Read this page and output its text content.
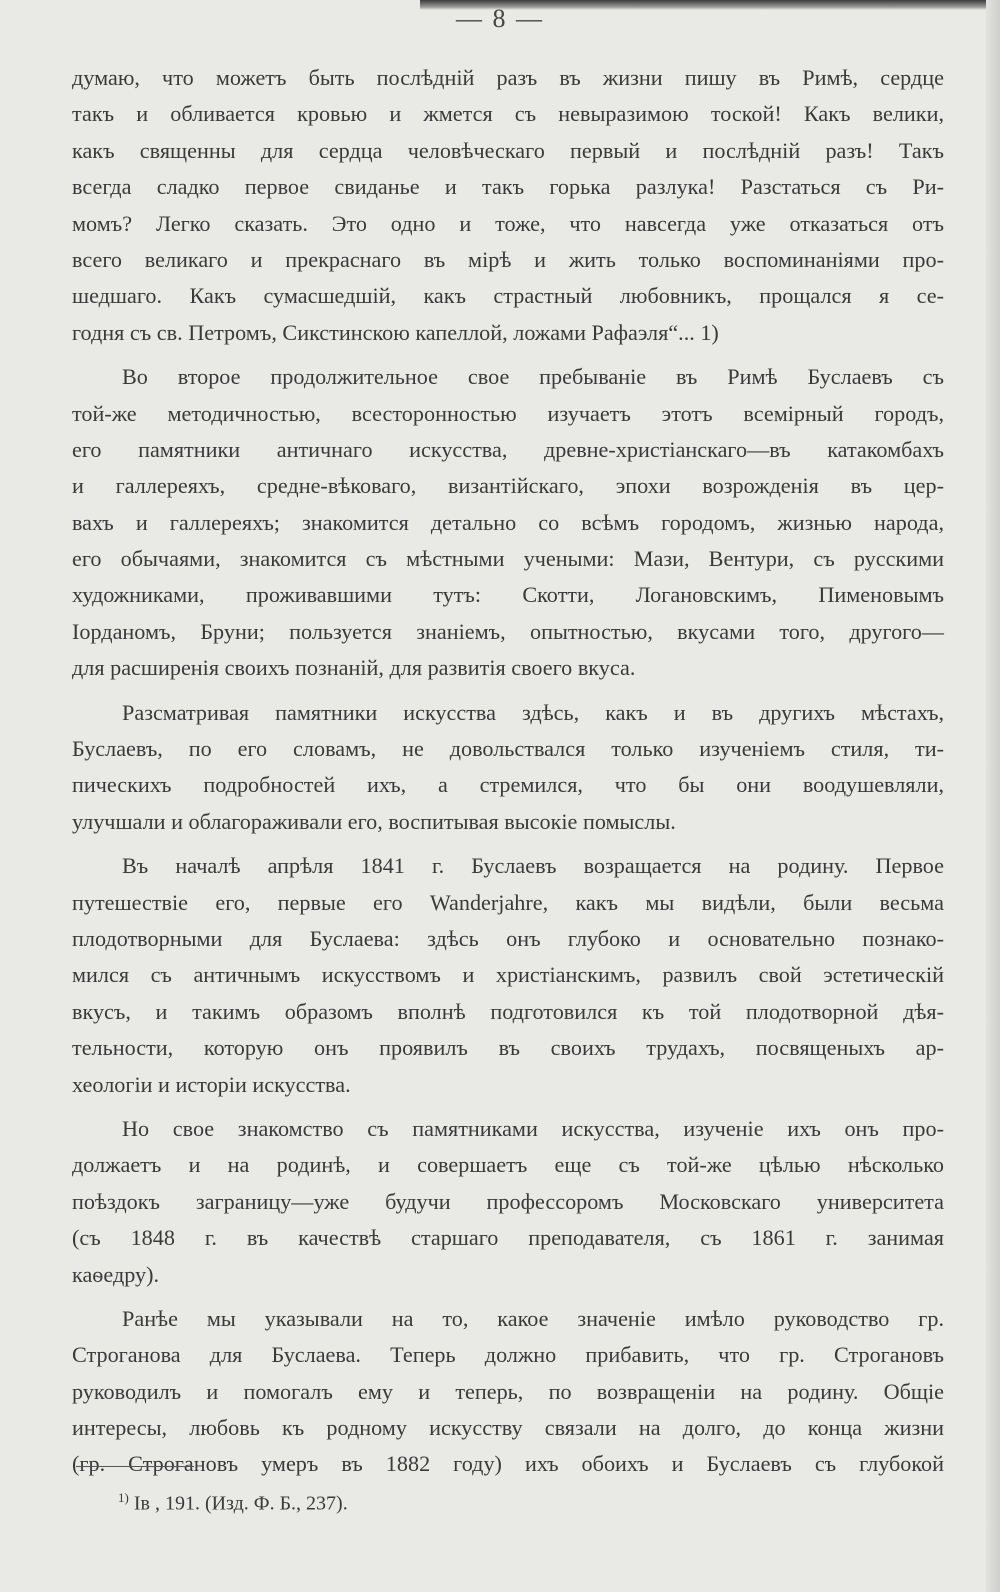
— 8 —
думаю, что можетъ быть послѣдній разъ въ жизни пишу въ Римѣ, сердце
такъ и обливается кровью и жмется съ невыразимою тоской! Какъ велики,
какъ священны для сердца человѣческаго первый и послѣдній разъ! Такъ
всегда сладко первое свиданье и такъ горька разлука! Разстаться съ Ри-
момъ? Легко сказать. Это одно и тоже, что навсегда уже отказаться отъ
всего великаго и прекраснаго въ мірѣ и жить только воспоминаніями про-
шедшаго. Какъ сумасшедшій, какъ страстный любовникъ, прощался я се-
годня съ св. Петромъ, Сикстинскою капеллой, ложами Рафаэля“... 1)
Во второе продолжительное свое пребываніе въ Римѣ Буслаевъ съ
той-же методичностью, всесторонностью изучаетъ этотъ всемірный городъ,
его памятники античнаго искусства, древне-христіанскаго—въ катакомбахъ
и галлереяхъ, средне-вѣковаго, византійскаго, эпохи возрожденія въ цер-
вахъ и галлереяхъ; знакомится детально со всѣмъ городомъ, жизнью народа,
его обычаями, знакомится съ мѣстными учеными: Мази, Вентури, съ русскими
художниками, проживавшими тутъ: Скотти, Логановскимъ, Пименовымъ
Іорданомъ, Бруни; пользуется знаніемъ, опытностью, вкусами того, другого—
для расширенія своихъ познаній, для развитія своего вкуса.
Разсматривая памятники искусства здѣсь, какъ и въ другихъ мѣстахъ,
Буслаевъ, по его словамъ, не довольствался только изученіемъ стиля, ти-
пическихъ подробностей ихъ, а стремился, что бы они воодушевляли,
улучшали и облагораживали его, воспитывая высокіе помыслы.
Въ началѣ апрѣля 1841 г. Буслаевъ возращается на родину. Первое
путешествіе его, первые его Wanderjahre, какъ мы видѣли, были весьма
плодотворными для Буслаева: здѣсь онъ глубоко и основательно познако-
мился съ античнымъ искусствомъ и христіанскимъ, развилъ свой эстетическій
вкусъ, и такимъ образомъ вполнѣ подготовился къ той плодотворной дѣя-
тельности, которую онъ проявилъ въ своихъ трудахъ, посвященыхъ ар-
хеологіи и исторіи искусства.
Но свое знакомство съ памятниками искусства, изученіе ихъ онъ про-
должаетъ и на родинѣ, и совершаетъ еще съ той-же цѣлью нѣсколько
поѣздокъ заграницу—уже будучи профессоромъ Московскаго университета
(съ 1848 г. въ качествѣ старшаго преподавателя, съ 1861 г. занимая
каѳедру).
Ранѣе мы указывали на то, какое значеніе имѣло руководство гр.
Строганова для Буслаева. Теперь должно прибавить, что гр. Строгановъ
руководилъ и помогалъ ему и теперь, по возвращеніи на родину. Общіе
интересы, любовь къ родному искусству связали на долго, до конца жизни
(гр. Строгановъ умеръ въ 1882 году) ихъ обоихъ и Буслаевъ съ глубокой
$^{1)}$ Ів , 191. (Изд. Ф. Б., 237).
